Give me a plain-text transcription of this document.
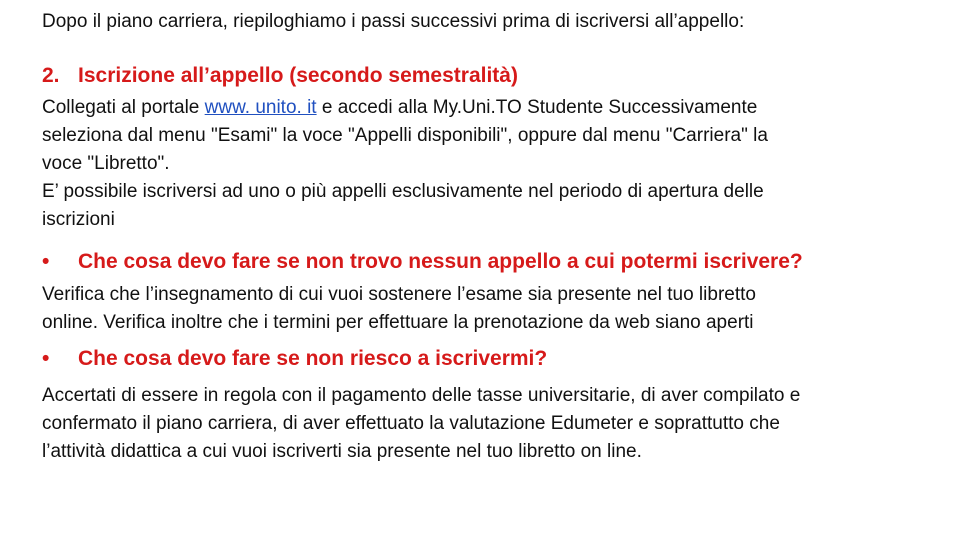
Dopo il piano carriera, riepiloghiamo i passi successivi prima di iscriversi all’appello:
2. Iscrizione all’appello (secondo semestralità)
Collegati al portale www. unito. it e accedi alla My.Uni.TO Studente Successivamente
seleziona dal menu "Esami" la voce "Appelli disponibili", oppure dal menu "Carriera" la
voce "Libretto".
E’ possibile iscriversi ad uno o più appelli esclusivamente nel periodo di apertura delle
iscrizioni
• Che cosa devo fare se non trovo nessun appello a cui potermi iscrivere?
Verifica che l’insegnamento di cui vuoi sostenere l’esame sia presente nel tuo libretto
online. Verifica inoltre che i termini per effettuare la prenotazione da web siano aperti
• Che cosa devo fare se non riesco a iscrivermi?
Accertati di essere in regola con il pagamento delle tasse universitarie, di aver compilato e
confermato il piano carriera, di aver effettuato la valutazione Edumeter e soprattutto che
l’attività didattica a cui vuoi iscriverti sia presente nel tuo libretto on line.
